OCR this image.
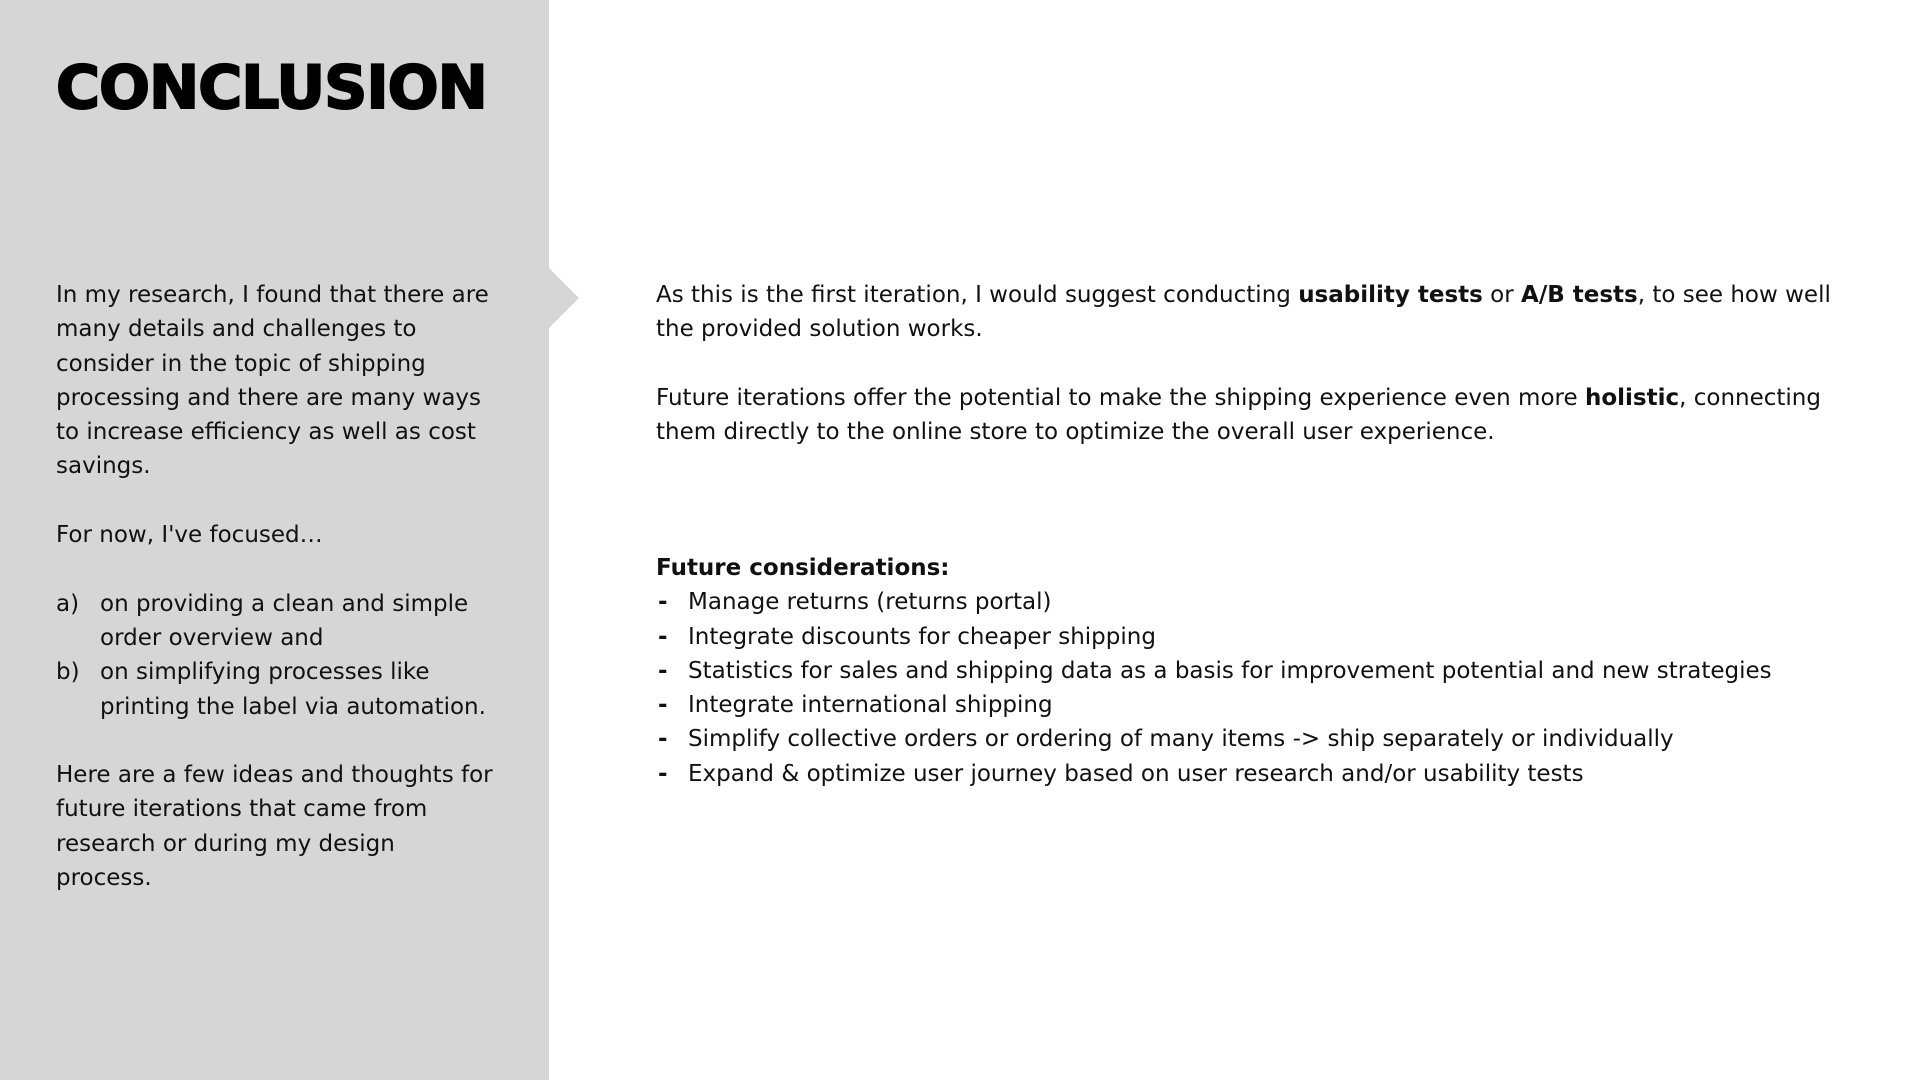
CONCLUSION

In my research, I found that there are many details and challenges to consider in the topic of shipping processing and there are many ways to increase efficiency as well as cost savings.

For now, I've focused…

a) on providing a clean and simple order overview and
b) on simplifying processes like printing the label via automation.

Here are a few ideas and thoughts for future iterations that came from research or during my design process.

As this is the first iteration, I would suggest conducting usability tests or A/B tests, to see how well the provided solution works.

Future iterations offer the potential to make the shipping experience even more holistic, connecting them directly to the online store to optimize the overall user experience.

Future considerations:
- Manage returns (returns portal)
- Integrate discounts for cheaper shipping
- Statistics for sales and shipping data as a basis for improvement potential and new strategies
- Integrate international shipping
- Simplify collective orders or ordering of many items -> ship separately or individually
- Expand & optimize user journey based on user research and/or usability tests
